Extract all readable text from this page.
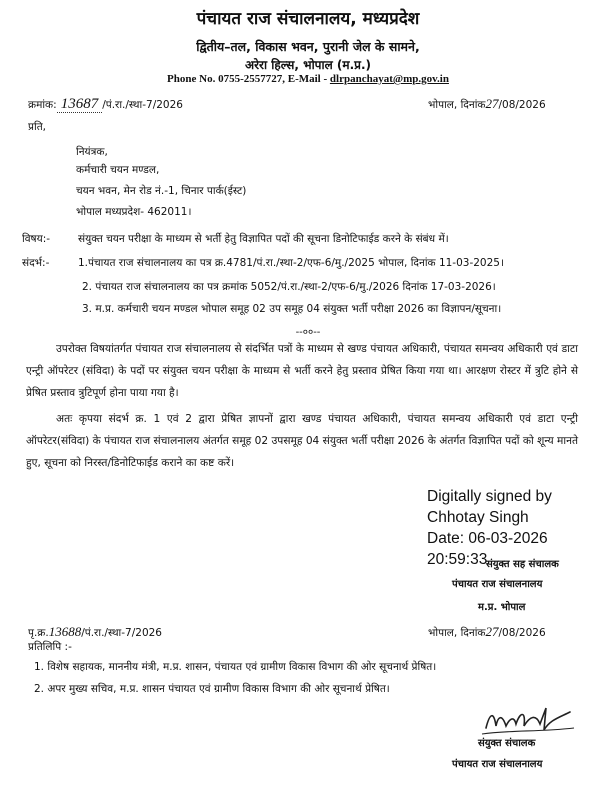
पंचायत राज संचालनालय, मध्यप्रदेश
द्वितीय–तल, विकास भवन, पुरानी जेल के सामने,
अरेरा हिल्स, भोपाल (म.प्र.)
Phone No. 0755-2557727, E-Mail - dlrpanchayat@mp.gov.in
क्रमांक: 13687 /पं.रा./स्था-7/2026	भोपाल, दिनांक27/08/2026
प्रति,
नियंत्रक,
कर्मचारी चयन मण्डल,
चयन भवन, मेन रोड नं.-1, चिनार पार्क(ईस्ट)
भोपाल मध्यप्रदेश- 462011।
विषय:-	संयुक्त चयन परीक्षा के माध्यम से भर्ती हेतु विज्ञापित पदों की सूचना डिनोटिफाईड करने के संबंध में।
संदर्भ:-	1.पंचायत राज संचालनालय का पत्र क्र.4781/पं.रा./स्था-2/एफ-6/मु./2025 भोपाल, दिनांक 11-03-2025।
2. पंचायत राज संचालनालय का पत्र क्रमांक 5052/पं.रा./स्था-2/एफ-6/मु./2026 दिनांक 17-03-2026।
3. म.प्र. कर्मचारी चयन मण्डल भोपाल समूह 02 उप समूह 04 संयुक्त भर्ती परीक्षा 2026 का विज्ञापन/सूचना।
--००--
उपरोक्त विषयांतर्गत पंचायत राज संचालनालय से संदर्भित पत्रों के माध्यम से खण्ड पंचायत अधिकारी, पंचायत समन्वय अधिकारी एवं डाटा एन्ट्री ऑपरेटर (संविदा) के पदों पर संयुक्त चयन परीक्षा के माध्यम से भर्ती करने हेतु प्रस्ताव प्रेषित किया गया था। आरक्षण रोस्टर में त्रुटि होने से प्रेषित प्रस्ताव त्रुटिपूर्ण होना पाया गया है।
अतः कृपया संदर्भ क्र. 1 एवं 2 द्वारा प्रेषित ज्ञापनों द्वारा खण्ड पंचायत अधिकारी, पंचायत समन्वय अधिकारी एवं डाटा एन्ट्री ऑपरेटर(संविदा) के पंचायत राज संचालनालय अंतर्गत समूह 02 उपसमूह 04 संयुक्त भर्ती परीक्षा 2026 के अंतर्गत विज्ञापित पदों को शून्य मानते हुए, सूचना को निरस्त/डिनोटिफाईड कराने का कष्ट करें।
Digitally signed by
Chhotay Singh
Date: 06-03-2026
20:59:33
संयुक्त सह संचालक
पंचायत राज संचालनालय
म.प्र. भोपाल
पृ.क्र.13688/पं.रा./स्था-7/2026	भोपाल, दिनांक27/08/2026
प्रतिलिपि :-
1. विशेष सहायक, माननीय मंत्री, म.प्र. शासन, पंचायत एवं ग्रामीण विकास विभाग की ओर सूचनार्थ प्रेषित।
2. अपर मुख्य सचिव, म.प्र. शासन पंचायत एवं ग्रामीण विकास विभाग की ओर सूचनार्थ प्रेषित।
संयुक्त संचालक
पंचायत राज संचालनालय
